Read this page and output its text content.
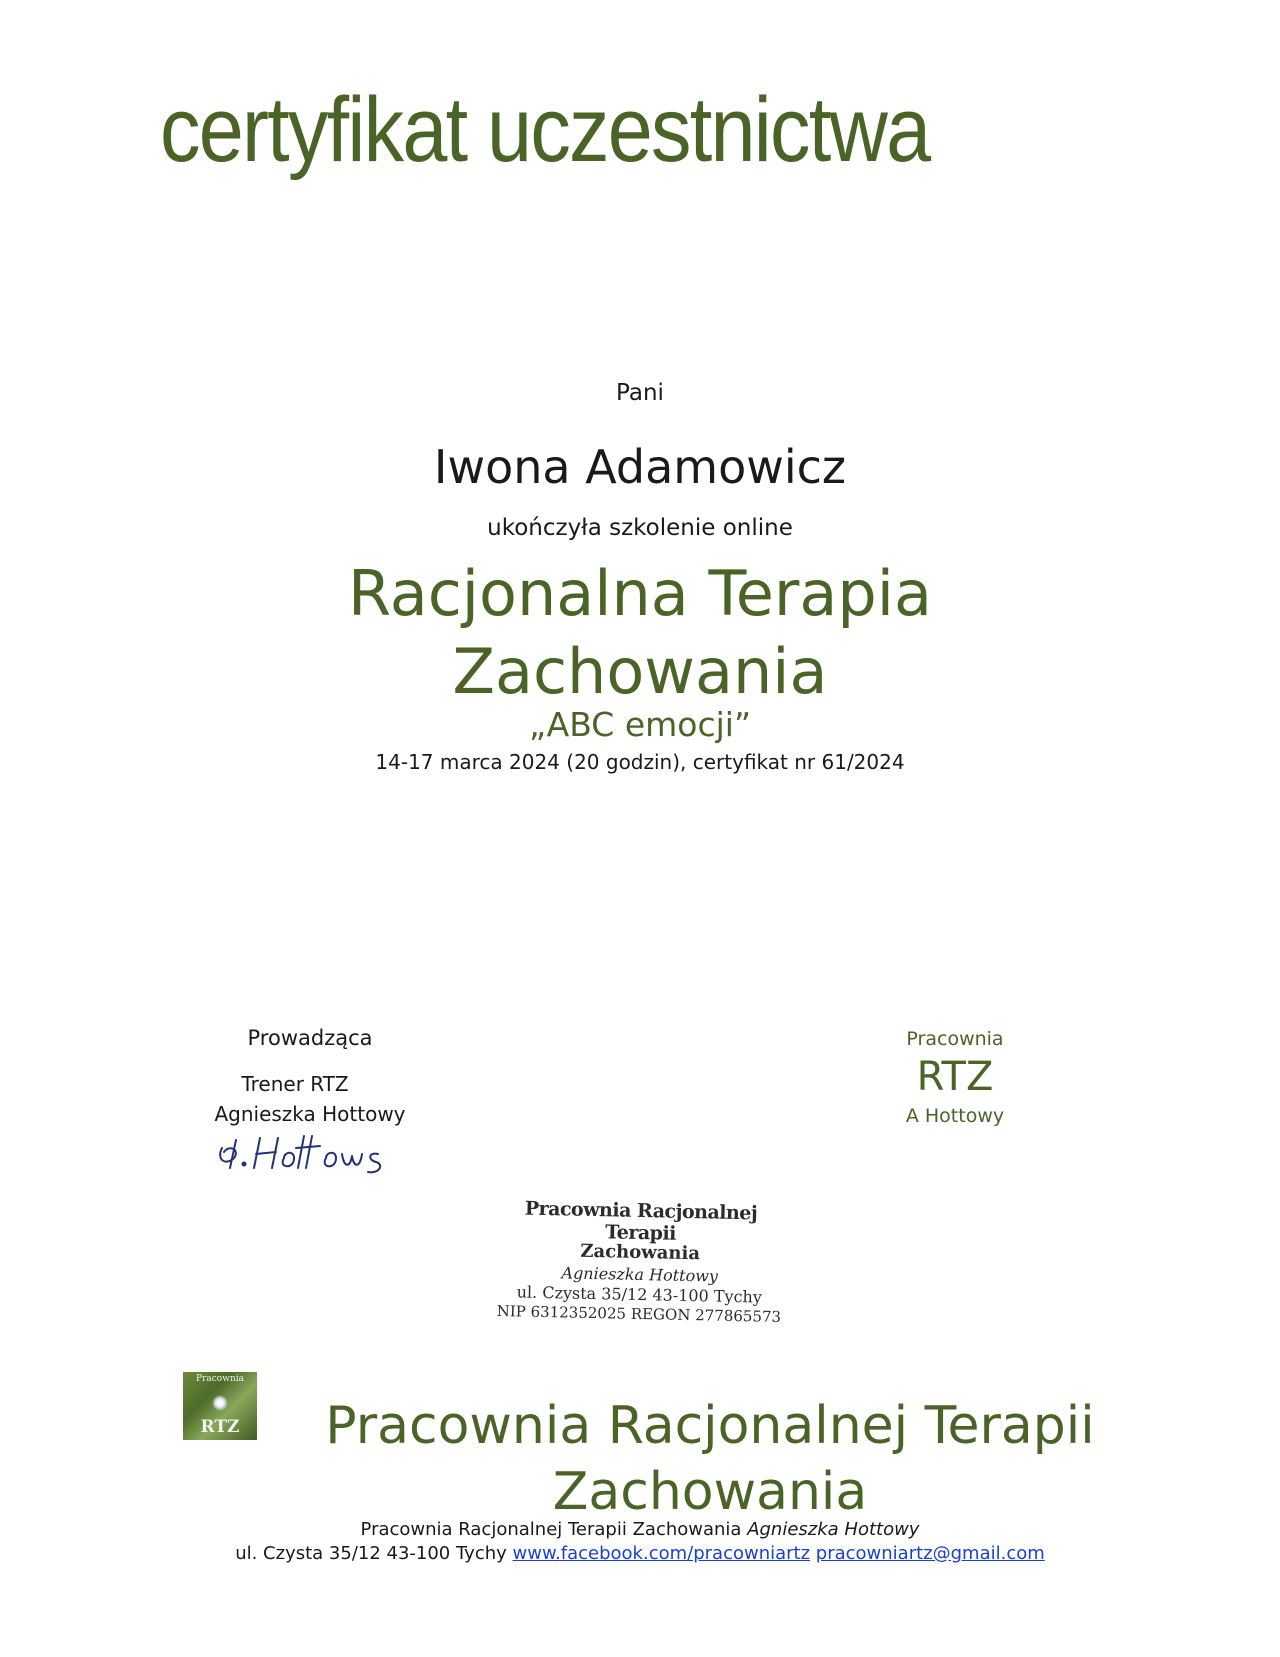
certyfikat uczestnictwa
Pani
Iwona Adamowicz
ukończyła szkolenie online
Racjonalna Terapia
Zachowania
„ABC emocji”
14-17 marca 2024 (20 godzin), certyfikat nr 61/2024
Prowadząca
Trener RTZ
Agnieszka Hottowy
Pracownia
RTZ
A Hottowy
Pracownia Racjonalnej Terapii
Zachowania
Agnieszka Hottowy
ul. Czysta 35/12 43-100 Tychy
NIP 6312352025 REGON 277865573
Pracownia
RTZ	Pracownia Racjonalnej Terapii
Zachowania
Pracownia Racjonalnej Terapii Zachowania Agnieszka Hottowy
ul. Czysta 35/12 43-100 Tychy www.facebook.com/pracowniartz pracowniartz@gmail.com
